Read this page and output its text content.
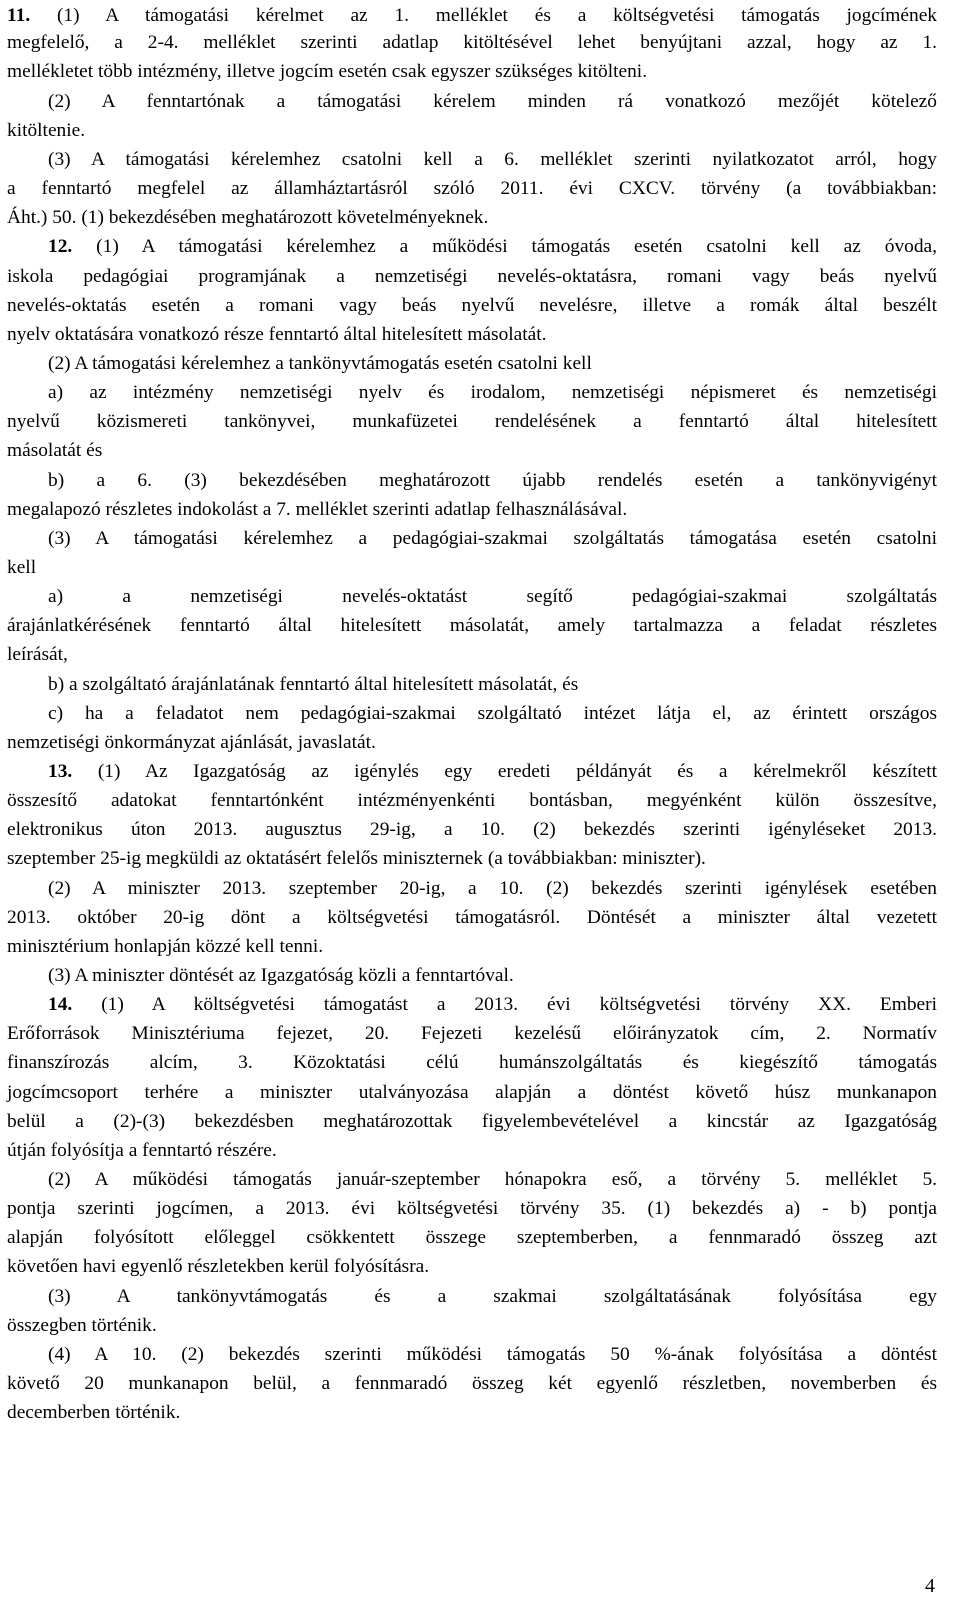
11. (1) A támogatási kérelmet az 1. melléklet és a költségvetési támogatás jogcímének
megfelelő, a 2-4. melléklet szerinti adatlap kitöltésével lehet benyújtani azzal, hogy az 1.
mellékletet több intézmény, illetve jogcím esetén csak egyszer szükséges kitölteni.
(2) A fenntartónak a támogatási kérelem minden rá vonatkozó mezőjét kötelező
kitöltenie.
(3) A támogatási kérelemhez csatolni kell a 6. melléklet szerinti nyilatkozatot arról, hogy
a fenntartó megfelel az államháztartásról szóló 2011. évi CXCV. törvény (a továbbiakban:
Áht.) 50. (1) bekezdésében meghatározott követelményeknek.
12. (1) A támogatási kérelemhez a működési támogatás esetén csatolni kell az óvoda,
iskola pedagógiai programjának a nemzetiségi nevelés-oktatásra, romani vagy beás nyelvű
nevelés-oktatás esetén a romani vagy beás nyelvű nevelésre, illetve a romák által beszélt
nyelv oktatására vonatkozó része fenntartó által hitelesített másolatát.
(2) A támogatási kérelemhez a tankönyvtámogatás esetén csatolni kell
a) az intézmény nemzetiségi nyelv és irodalom, nemzetiségi népismeret és nemzetiségi
nyelvű közismereti tankönyvei, munkafüzetei rendelésének a fenntartó által hitelesített
másolatát és
b) a 6. (3) bekezdésében meghatározott újabb rendelés esetén a tankönyvigényt
megalapozó részletes indokolást a 7. melléklet szerinti adatlap felhasználásával.
(3) A támogatási kérelemhez a pedagógiai-szakmai szolgáltatás támogatása esetén csatolni
kell
a) a nemzetiségi nevelés-oktatást segítő pedagógiai-szakmai szolgáltatás
árajánlatkérésének fenntartó által hitelesített másolatát, amely tartalmazza a feladat részletes
leírását,
b) a szolgáltató árajánlatának fenntartó által hitelesített másolatát, és
c) ha a feladatot nem pedagógiai-szakmai szolgáltató intézet látja el, az érintett országos
nemzetiségi önkormányzat ajánlását, javaslatát.
13. (1) Az Igazgatóság az igénylés egy eredeti példányát és a kérelmekről készített
összesítő adatokat fenntartónként intézményenkénti bontásban, megyénként külön összesítve,
elektronikus úton 2013. augusztus 29-ig, a 10. (2) bekezdés szerinti igényléseket 2013.
szeptember 25-ig megküldi az oktatásért felelős miniszternek (a továbbiakban: miniszter).
(2) A miniszter 2013. szeptember 20-ig, a 10. (2) bekezdés szerinti igénylések esetében
2013. október 20-ig dönt a költségvetési támogatásról. Döntését a miniszter által vezetett
minisztérium honlapján közzé kell tenni.
(3) A miniszter döntését az Igazgatóság közli a fenntartóval.
14. (1) A költségvetési támogatást a 2013. évi költségvetési törvény XX. Emberi
Erőforrások Minisztériuma fejezet, 20. Fejezeti kezelésű előirányzatok cím, 2. Normatív
finanszírozás alcím, 3. Közoktatási célú humánszolgáltatás és kiegészítő támogatás
jogcímcsoport terhére a miniszter utalványozása alapján a döntést követő húsz munkanapon
belül a (2)-(3) bekezdésben meghatározottak figyelembevételével a kincstár az Igazgatóság
útján folyósítja a fenntartó részére.
(2) A működési támogatás január-szeptember hónapokra eső, a törvény 5. melléklet 5.
pontja szerinti jogcímen, a 2013. évi költségvetési törvény 35. (1) bekezdés a) - b) pontja
alapján folyósított előleggel csökkentett összege szeptemberben, a fennmaradó összeg azt
követően havi egyenlő részletekben kerül folyósításra.
(3) A tankönyvtámogatás és a szakmai szolgáltatásának folyósítása egy
összegben történik.
(4) A 10. (2) bekezdés szerinti működési támogatás 50 %-ának folyósítása a döntést
követő 20 munkanapon belül, a fennmaradó összeg két egyenlő részletben, novemberben és
decemberben történik.
4
